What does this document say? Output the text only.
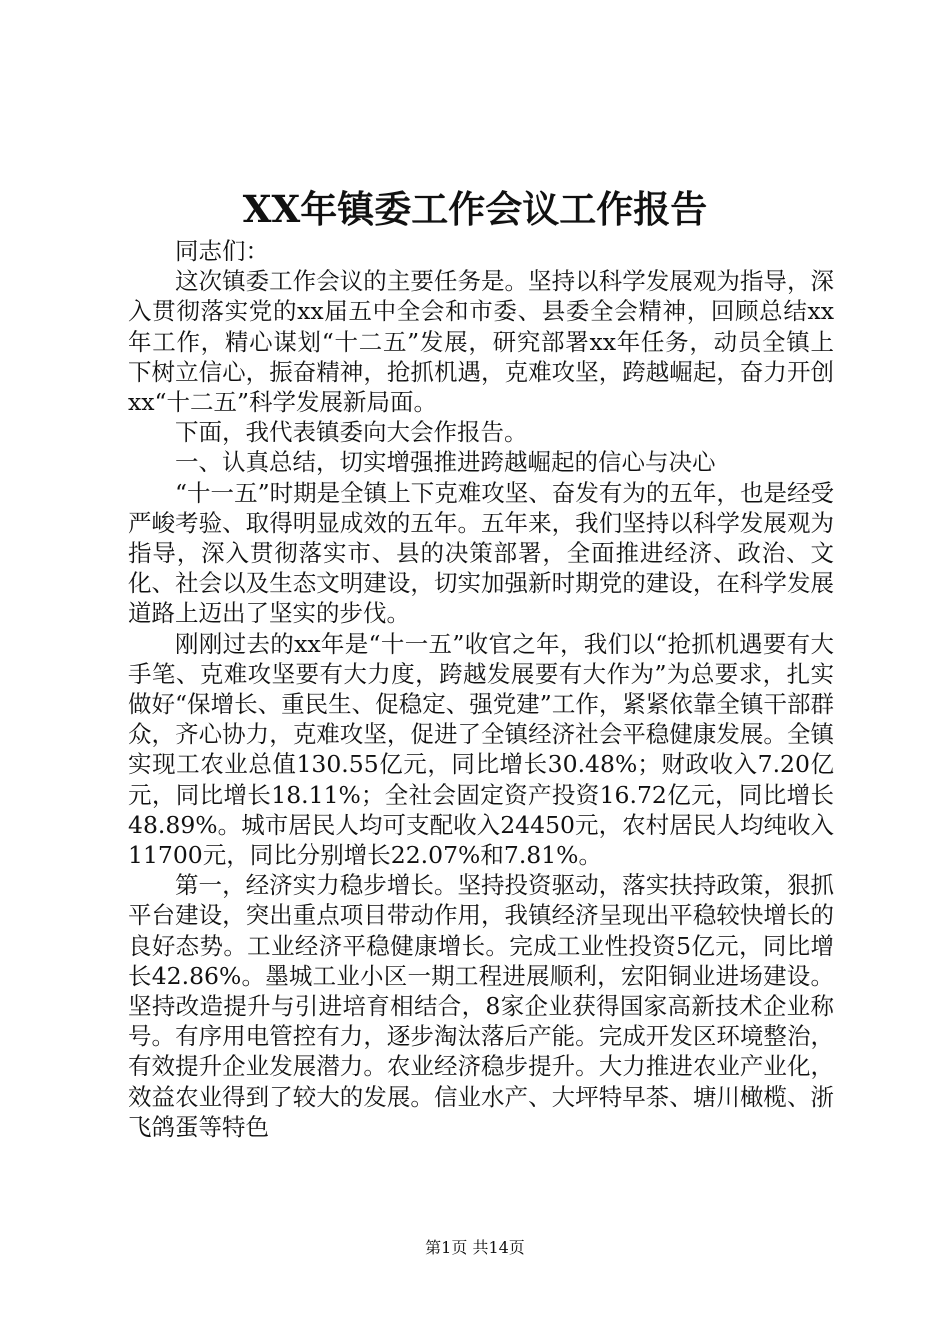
XX年镇委工作会议工作报告

同志们：

这次镇委工作会议的主要任务是。坚持以科学发展观为指导，深入贯彻落实党的xx届五中全会和市委、县委全会精神，回顾总结xx年工作，精心谋划“十二五”发展，研究部署xx年任务，动员全镇上下树立信心，振奋精神，抢抓机遇，克难攻坚，跨越崛起，奋力开创xx“十二五”科学发展新局面。

下面，我代表镇委向大会作报告。

一、认真总结，切实增强推进跨越崛起的信心与决心

“十一五”时期是全镇上下克难攻坚、奋发有为的五年，也是经受严峻考验、取得明显成效的五年。五年来，我们坚持以科学发展观为指导，深入贯彻落实市、县的决策部署，全面推进经济、政治、文化、社会以及生态文明建设，切实加强新时期党的建设，在科学发展道路上迈出了坚实的步伐。

刚刚过去的xx年是“十一五”收官之年，我们以“抢抓机遇要有大手笔、克难攻坚要有大力度，跨越发展要有大作为”为总要求，扎实做好“保增长、重民生、促稳定、强党建”工作，紧紧依靠全镇干部群众，齐心协力，克难攻坚，促进了全镇经济社会平稳健康发展。全镇实现工农业总值130.55亿元，同比增长30.48%；财政收入7.20亿元，同比增长18.11%；全社会固定资产投资16.72亿元，同比增长48.89%。城市居民人均可支配收入24450元，农村居民人均纯收入11700元，同比分别增长22.07%和7.81%。

第一，经济实力稳步增长。坚持投资驱动，落实扶持政策，狠抓平台建设，突出重点项目带动作用，我镇经济呈现出平稳较快增长的良好态势。工业经济平稳健康增长。完成工业性投资5亿元，同比增长42.86%。墨城工业小区一期工程进展顺利，宏阳铜业进场建设。坚持改造提升与引进培育相结合，8家企业获得国家高新技术企业称号。有序用电管控有力，逐步淘汰落后产能。完成开发区环境整治，有效提升企业发展潜力。农业经济稳步提升。大力推进农业产业化，效益农业得到了较大的发展。信业水产、大坪特早茶、塘川橄榄、浙飞鸽蛋等特色

第1页 共14页
